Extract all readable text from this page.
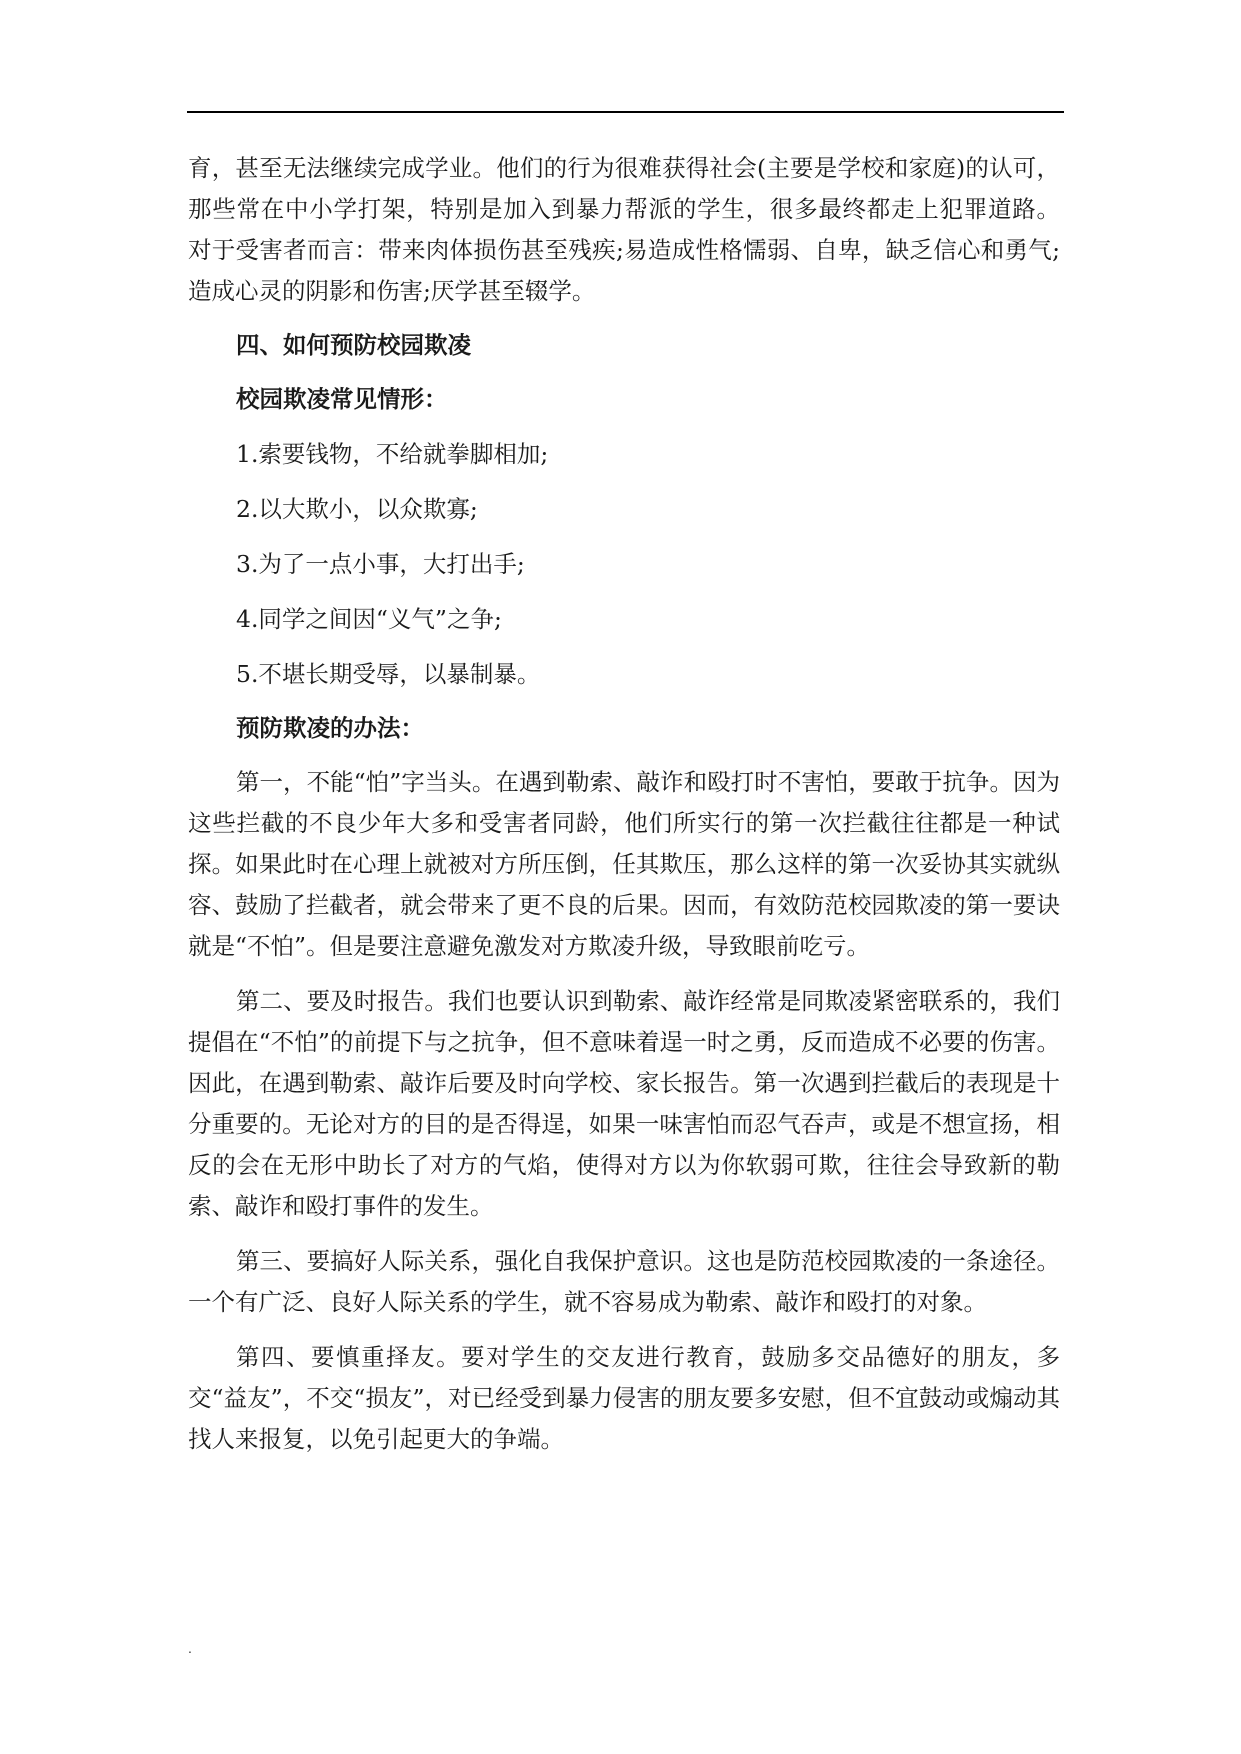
育，甚至无法继续完成学业。他们的行为很难获得社会(主要是学校和家庭)的认可，那些常在中小学打架，特别是加入到暴力帮派的学生，很多最终都走上犯罪道路。 对于受害者而言：带来肉体损伤甚至残疾;易造成性格懦弱、自卑，缺乏信心和勇气;造成心灵的阴影和伤害;厌学甚至辍学。

四、如何预防校园欺凌
校园欺凌常见情形：
1.索要钱物，不给就拳脚相加;
2.以大欺小，以众欺寡;
3.为了一点小事，大打出手;
4.同学之间因“义气”之争;
5.不堪长期受辱，以暴制暴。
预防欺凌的办法：

第一，不能“怕”字当头。在遇到勒索、敲诈和殴打时不害怕，要敢于抗争。因为这些拦截的不良少年大多和受害者同龄，他们所实行的第一次拦截往往都是一种试探。如果此时在心理上就被对方所压倒，任其欺压，那么这样的第一次妥协其实就纵容、鼓励了拦截者，就会带来了更不良的后果。因而，有效防范校园欺凌的第一要诀就是“不怕”。但是要注意避免激发对方欺凌升级，导致眼前吃亏。

第二、要及时报告。我们也要认识到勒索、敲诈经常是同欺凌紧密联系的，我们提倡在“不怕”的前提下与之抗争，但不意味着逞一时之勇，反而造成不必要的伤害。因此，在遇到勒索、敲诈后要及时向学校、家长报告。第一次遇到拦截后的表现是十分重要的。无论对方的目的是否得逞，如果一味害怕而忍气吞声，或是不想宣扬，相反的会在无形中助长了对方的气焰，使得对方以为你软弱可欺，往往会导致新的勒索、敲诈和殴打事件的发生。

第三、要搞好人际关系，强化自我保护意识。这也是防范校园欺凌的一条途径。一个有广泛、良好人际关系的学生，就不容易成为勒索、敲诈和殴打的对象。

第四、要慎重择友。要对学生的交友进行教育，鼓励多交品德好的朋友，多交“益友”，不交“损友”，对已经受到暴力侵害的朋友要多安慰，但不宜鼓动或煽动其找人来报复，以免引起更大的争端。

.
